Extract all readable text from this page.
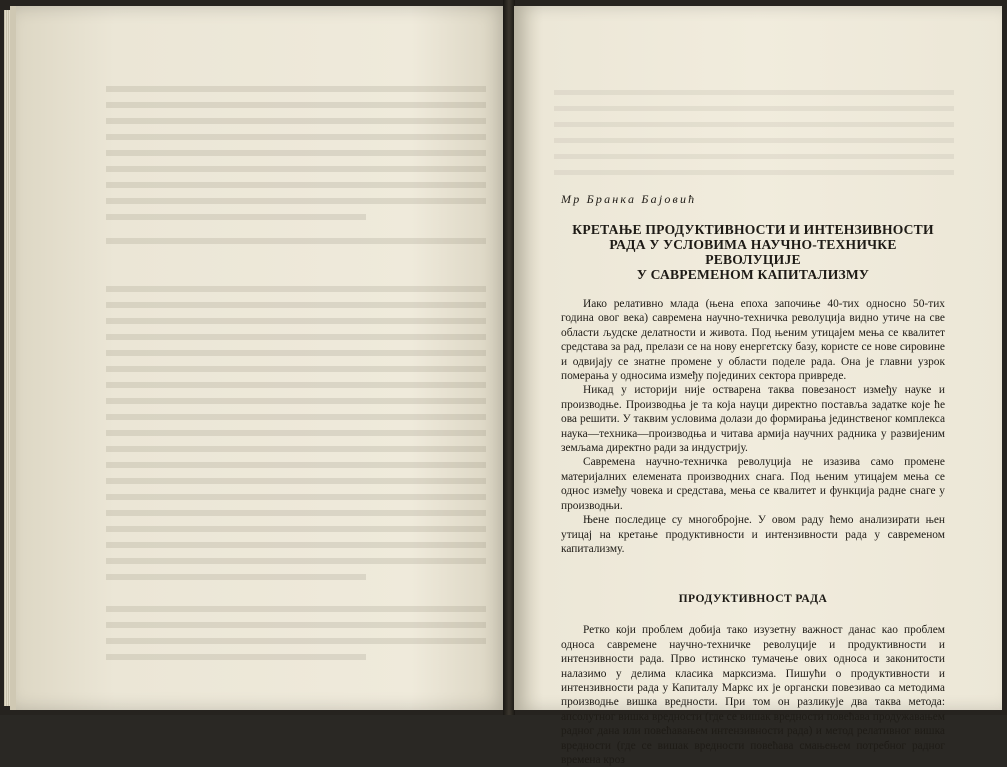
Мр Бранка Бајовић

КРЕТАЊЕ ПРОДУКТИВНОСТИ И ИНТЕНЗИВНОСТИ
РАДА У УСЛОВИМА НАУЧНО-ТЕХНИЧКЕ РЕВОЛУЦИЈЕ
У САВРЕМЕНОМ КАПИТАЛИЗМУ

Иако релативно млада (њена епоха започиње 40-тих односно 50-тих година овог века) савремена научно-техничка револуција видно утиче на све области људске делатности и живота. Под њеним утицајем мења се квалитет средстава за рад, прелази се на нову енергетску базу, користе се нове сировине и одвијају се знатне промене у области поделе рада. Она је главни узрок померања у односима између појединих сектора привреде.

Никад у историји није остварена таква повезаност између науке и производње. Производња је та која науци директно поставља задатке које ће ова решити. У таквим условима долази до формирања јединственог комплекса наука—техника—производња и читава армија научних радника у развијеним земљама директно ради за индустрију.

Савремена научно-техничка револуција не изазива само промене материјалних елемената производних снага. Под њеним утицајем мења се однос између човека и средстава, мења се квалитет и функција радне снаге у производњи.

Њене последице су многобројне. У овом раду ћемо анализирати њен утицај на кретање продуктивности и интензивности рада у савременом капитализму.

ПРОДУКТИВНОСТ РАДА

Ретко који проблем добија тако изузетну важност данас као проблем односа савремене научно-техничке револуције и продуктивности и интензивности рада. Прво истинско тумачење ових односа и законитости налазимо у делима класика марксизма. Пишући о продуктивности и интензивности рада у Капиталу Маркс их је органски повезивао са методима производње вишка вредности. При том он разликује два таква метода: апсолутног вишка вредности (где се вишак вредности повећава продужавањем радног дана или повећавањем интензивности рада) и метод релативног вишка вредности (где се вишак вредности повећава смањењем потребног радног времена кроз
